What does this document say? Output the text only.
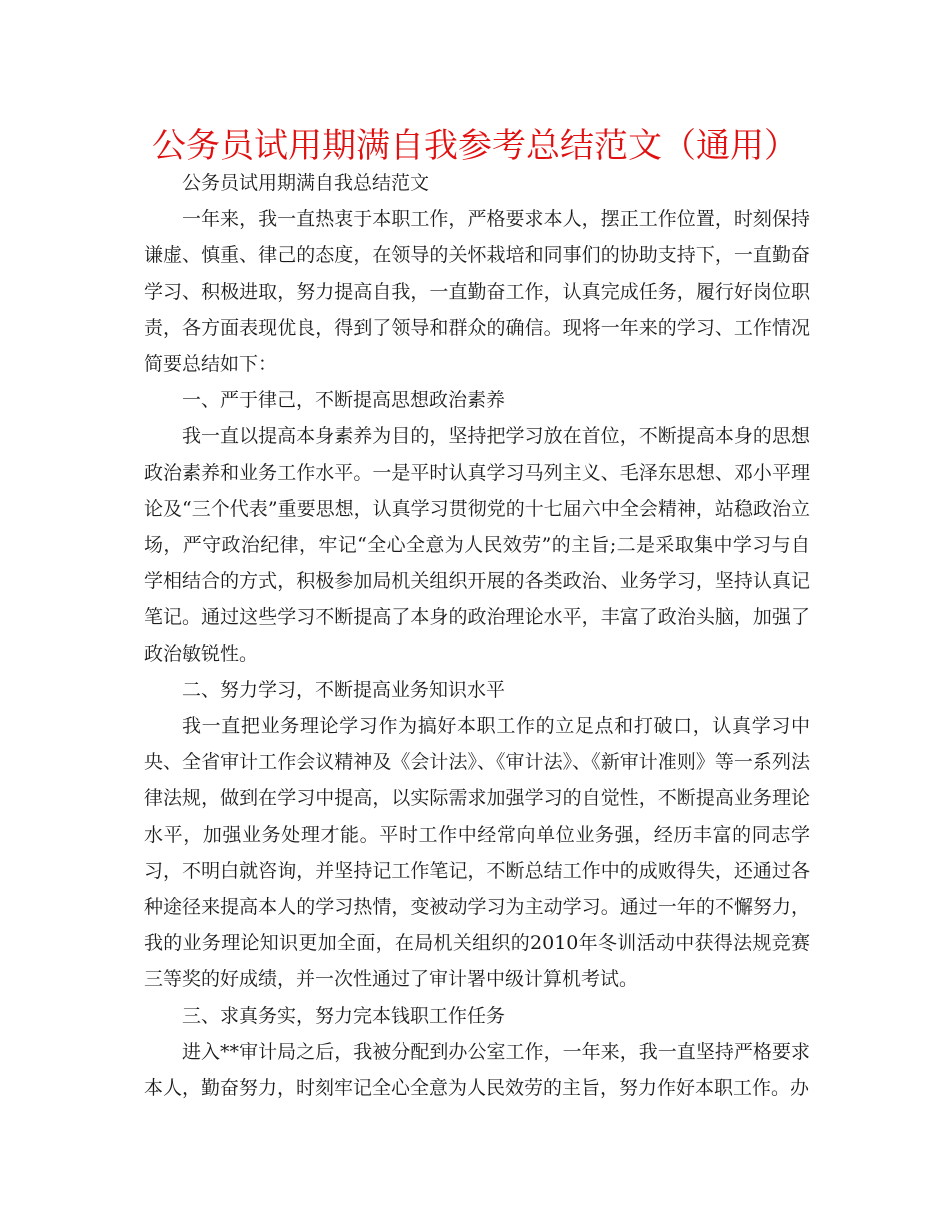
公务员试用期满自我参考总结范文（通用）

公务员试用期满自我总结范文

一年来，我一直热衷于本职工作，严格要求本人，摆正工作位置，时刻保持谦虚、慎重、律己的态度，在领导的关怀栽培和同事们的协助支持下，一直勤奋学习、积极进取，努力提高自我，一直勤奋工作，认真完成任务，履行好岗位职责，各方面表现优良，得到了领导和群众的确信。现将一年来的学习、工作情况简要总结如下：

一、严于律己，不断提高思想政治素养

我一直以提高本身素养为目的，坚持把学习放在首位，不断提高本身的思想政治素养和业务工作水平。一是平时认真学习马列主义、毛泽东思想、邓小平理论及“三个代表”重要思想，认真学习贯彻党的十七届六中全会精神，站稳政治立场，严守政治纪律，牢记“全心全意为人民效劳”的主旨;二是采取集中学习与自学相结合的方式，积极参加局机关组织开展的各类政治、业务学习，坚持认真记笔记。通过这些学习不断提高了本身的政治理论水平，丰富了政治头脑，加强了政治敏锐性。

二、努力学习，不断提高业务知识水平

我一直把业务理论学习作为搞好本职工作的立足点和打破口，认真学习中央、全省审计工作会议精神及《会计法》、《审计法》、《新审计准则》等一系列法律法规，做到在学习中提高，以实际需求加强学习的自觉性，不断提高业务理论水平，加强业务处理才能。平时工作中经常向单位业务强，经历丰富的同志学习，不明白就咨询，并坚持记工作笔记，不断总结工作中的成败得失，还通过各种途径来提高本人的学习热情，变被动学习为主动学习。通过一年的不懈努力，我的业务理论知识更加全面，在局机关组织的2010年冬训活动中获得法规竞赛三等奖的好成绩，并一次性通过了审计署中级计算机考试。

三、求真务实，努力完本钱职工作任务

进入**审计局之后，我被分配到办公室工作，一年来，我一直坚持严格要求本人，勤奋努力，时刻牢记全心全意为人民效劳的主旨，努力作好本职工作。办
